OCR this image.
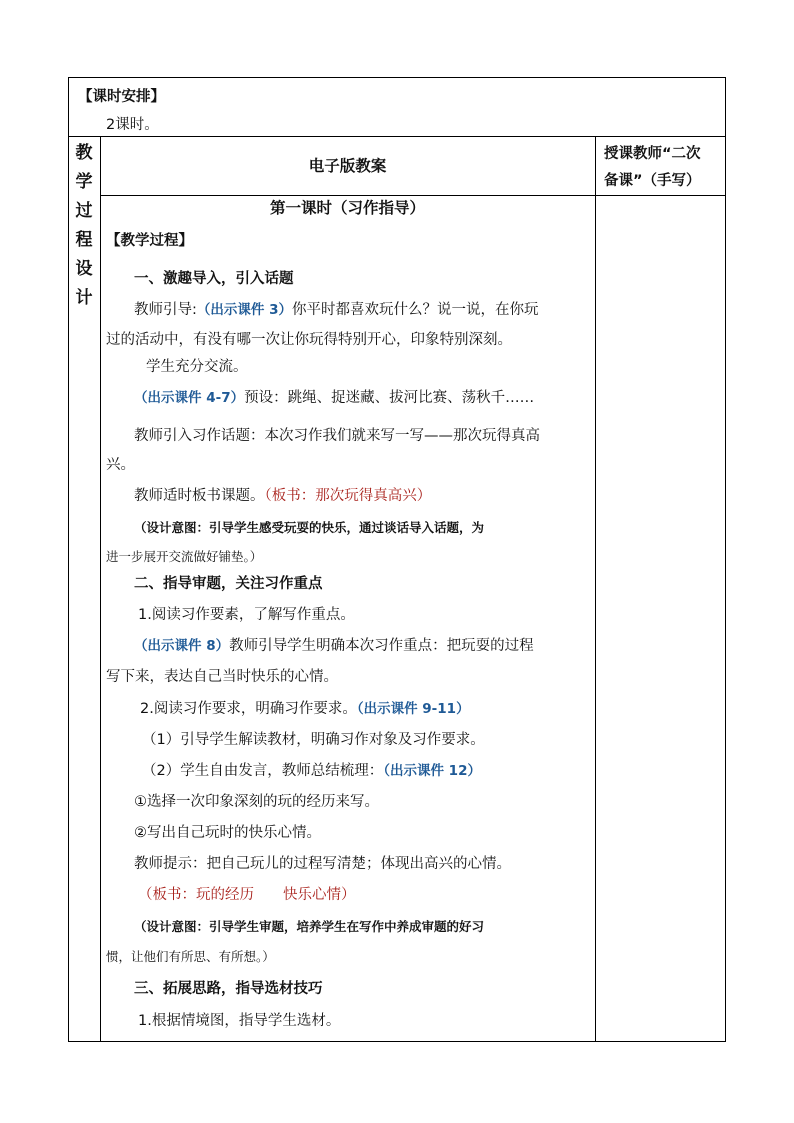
【课时安排】
2课时。
教
学
过
程
设
计
电子版教案
授课教师“二次
备课”（手写）
第一课时（习作指导）
【教学过程】
一、激趣导入，引入话题
教师引导:（出示课件 3）你平时都喜欢玩什么？说一说，在你玩
过的活动中，有没有哪一次让你玩得特别开心，印象特别深刻。
学生充分交流。
（出示课件 4-7）预设：跳绳、捉迷藏、拔河比赛、荡秋千……
教师引入习作话题：本次习作我们就来写一写——那次玩得真高
兴。
教师适时板书课题。（板书：那次玩得真高兴）
（设计意图：引导学生感受玩耍的快乐，通过谈话导入话题，为
进一步展开交流做好铺垫。）
二、指导审题，关注习作重点
1.阅读习作要素，了解写作重点。
（出示课件 8）教师引导学生明确本次习作重点：把玩耍的过程
写下来，表达自己当时快乐的心情。
2.阅读习作要求，明确习作要求。（出示课件 9-11）
（1）引导学生解读教材，明确习作对象及习作要求。
（2）学生自由发言，教师总结梳理：（出示课件 12）
①选择一次印象深刻的玩的经历来写。
②写出自己玩时的快乐心情。
教师提示：把自己玩儿的过程写清楚；体现出高兴的心情。
（板书：玩的经历　　快乐心情）
（设计意图：引导学生审题，培养学生在写作中养成审题的好习
惯，让他们有所思、有所想。）
三、拓展思路，指导选材技巧
1.根据情境图，指导学生选材。
